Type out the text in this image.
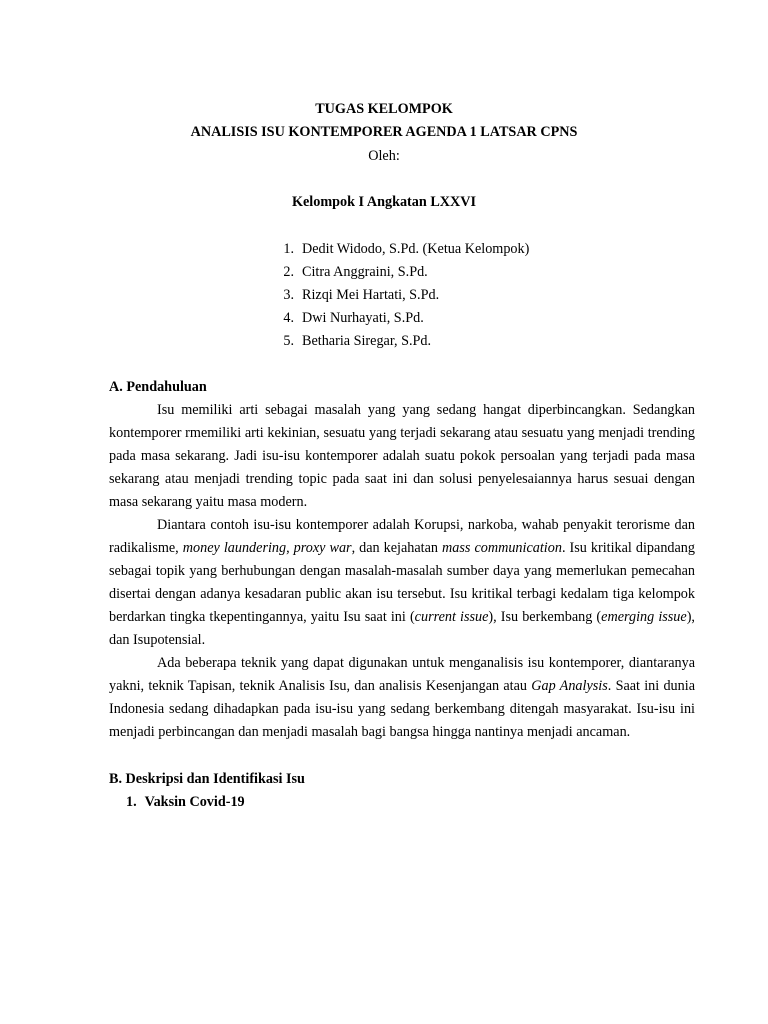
TUGAS KELOMPOK
ANALISIS ISU KONTEMPORER AGENDA 1 LATSAR CPNS
Oleh:
Kelompok I Angkatan LXXVI
1. Dedit Widodo, S.Pd. (Ketua Kelompok)
2. Citra Anggraini, S.Pd.
3. Rizqi Mei Hartati, S.Pd.
4. Dwi Nurhayati, S.Pd.
5. Betharia Siregar, S.Pd.
A. Pendahuluan

Isu memiliki arti sebagai masalah yang yang sedang hangat diperbincangkan. Sedangkan kontemporer rmemiliki arti kekinian, sesuatu yang terjadi sekarang atau sesuatu yang menjadi trending pada masa sekarang. Jadi isu-isu kontemporer adalah suatu pokok persoalan yang terjadi pada masa sekarang atau menjadi trending topic pada saat ini dan solusi penyelesaiannya harus sesuai dengan masa sekarang yaitu masa modern.

Diantara contoh isu-isu kontemporer adalah Korupsi, narkoba, wahab penyakit terorisme dan radikalisme, money laundering, proxy war, dan kejahatan mass communication. Isu kritikal dipandang sebagai topik yang berhubungan dengan masalah-masalah sumber daya yang memerlukan pemecahan disertai dengan adanya kesadaran public akan isu tersebut. Isu kritikal terbagi kedalam tiga kelompok berdarkan tingka tkepentingannya, yaitu Isu saat ini (current issue), Isu berkembang (emerging issue), dan Isupotensial.

Ada beberapa teknik yang dapat digunakan untuk menganalisis isu kontemporer, diantaranya yakni, teknik Tapisan, teknik Analisis Isu, dan analisis Kesenjangan atau Gap Analysis. Saat ini dunia Indonesia sedang dihadapkan pada isu-isu yang sedang berkembang ditengah masyarakat. Isu-isu ini menjadi perbincangan dan menjadi masalah bagi bangsa hingga nantinya menjadi ancaman.

B. Deskripsi dan Identifikasi Isu
1. Vaksin Covid-19
